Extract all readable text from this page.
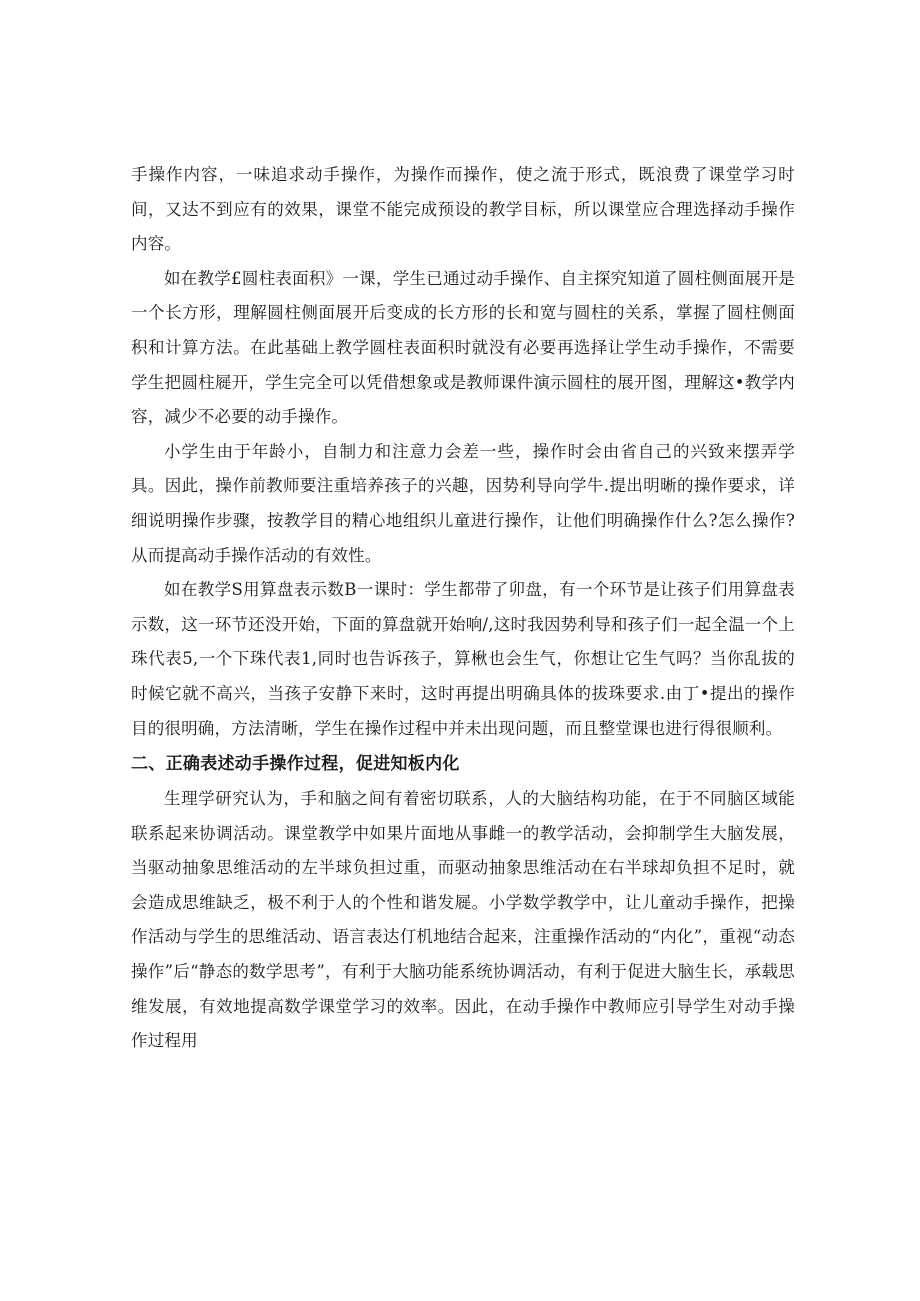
手操作内容，一味追求动手操作，为操作而操作，使之流于形式，既浪费了课堂学习时间，又达不到应有的效果，课堂不能完成预设的教学目标，所以课堂应合理选择动手操作内容。

如在教学£圆柱表面积》一课，学生已通过动手操作、自主探究知道了圆柱侧面展开是一个长方形，理解圆柱侧面展开后变成的长方形的长和宽与圆柱的关系，掌握了圆柱侧面积和计算方法。在此基础上教学圆柱表面积时就没有必要再选择让学生动手操作，不需要学生把圆柱屣开，学生完全可以凭借想象或是教师课件演示圆柱的展开图，理解这•教学内容，减少不必要的动手操作。

小学生由于年龄小，自制力和注意力会差一些，操作时会由省自己的兴致来摆弄学具。因此，操作前教师要注重培养孩子的兴趣，因势利导向学牛.提出明晰的操作要求，详细说明操作步骤，按教学目的精心地组织儿童进行操作，让他们明确操作什么?怎么操作?从而提高动手操作活动的有效性。

如在教学S用算盘表示数B一课时：学生都带了卯盘，有一个环节是让孩子们用算盘表示数，这一环节还没开始，下面的算盘就开始响/,这时我因势利导和孩子们一起全温一个上珠代表5,一个下珠代表1,同时也告诉孩子，算楸也会生气，你想让它生气吗？当你乱拔的时候它就不高兴，当孩子安静下来时，这时再提出明确具体的拔珠要求.由丁•提出的操作目的很明确，方法清晰，学生在操作过程中并未出现问题，而且整堂课也进行得很顺利。

二、正确表述动手操作过程，促进知板内化

生理学研究认为，手和脑之间有着密切联系，人的大脑结构功能，在于不同脑区域能联系起来协调活动。课堂教学中如果片面地从事雌一的教学活动，会抑制学生大脑发展，当驱动抽象思维活动的左半球负担过重，而驱动抽象思维活动在右半球却负担不足时，就会造成思维缺乏，极不利于人的个性和谐发屣。小学数学教学中，让儿童动手操作，把操作活动与学生的思维活动、语言表达仃机地结合起来，注重操作活动的“内化”，重视“动态操作”后“静态的数学思考”，有利于大脑功能系统协调活动，有利于促进大脑生长，承载思维发展，有效地提高数学课堂学习的效率。因此，在动手操作中教师应引导学生对动手操作过程用
